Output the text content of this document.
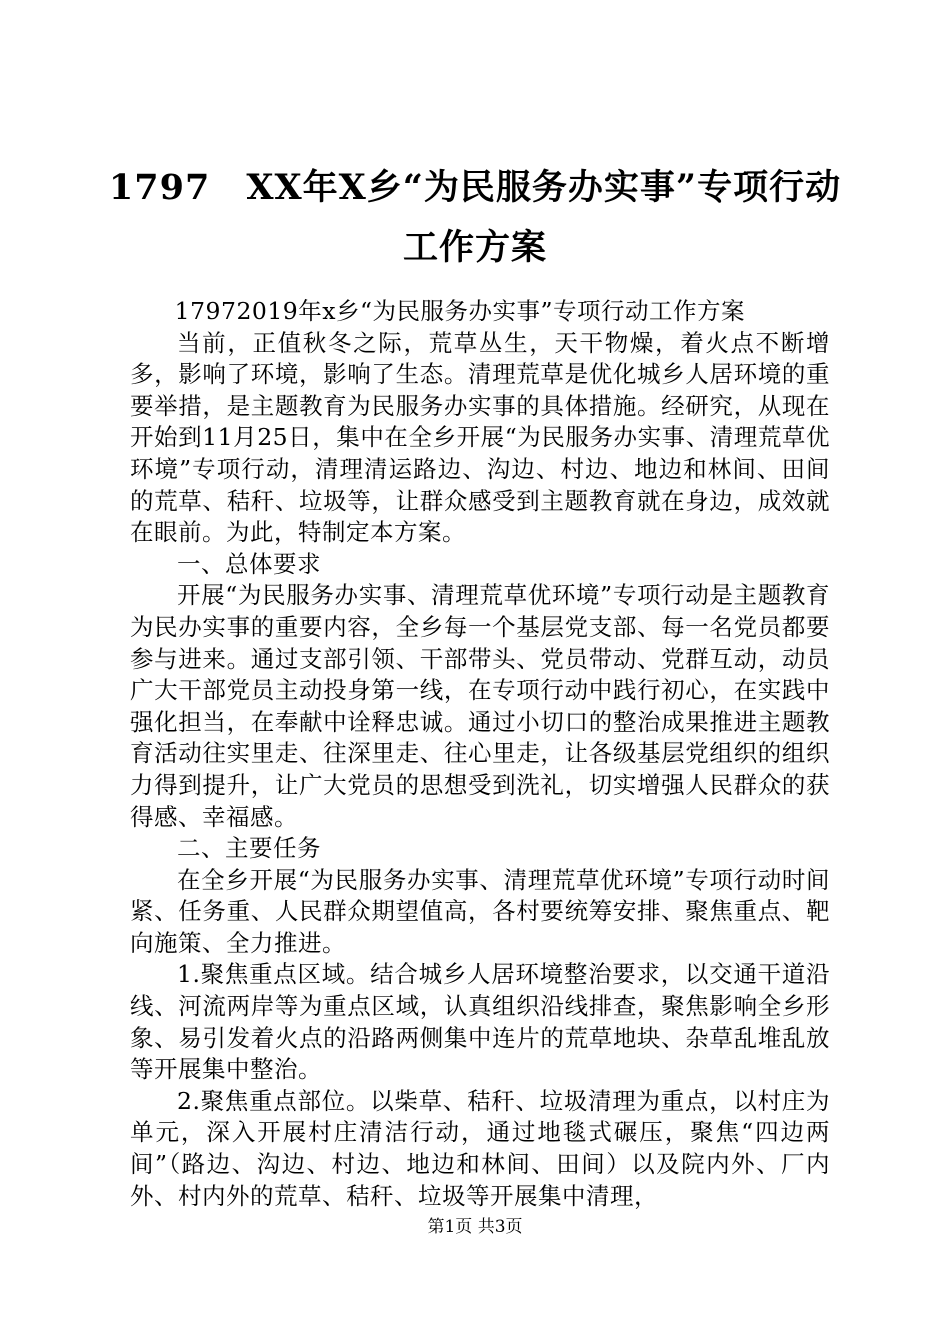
1797　XX年X乡“为民服务办实事”专项行动
工作方案

17972019年x乡“为民服务办实事”专项行动工作方案

当前，正值秋冬之际，荒草丛生，天干物燥，着火点不断增多，影响了环境，影响了生态。清理荒草是优化城乡人居环境的重要举措，是主题教育为民服务办实事的具体措施。经研究，从现在开始到11月25日，集中在全乡开展“为民服务办实事、清理荒草优环境”专项行动，清理清运路边、沟边、村边、地边和林间、田间的荒草、秸秆、垃圾等，让群众感受到主题教育就在身边，成效就在眼前。为此，特制定本方案。

一、总体要求

开展“为民服务办实事、清理荒草优环境”专项行动是主题教育为民办实事的重要内容，全乡每一个基层党支部、每一名党员都要参与进来。通过支部引领、干部带头、党员带动、党群互动，动员广大干部党员主动投身第一线，在专项行动中践行初心，在实践中强化担当，在奉献中诠释忠诚。通过小切口的整治成果推进主题教育活动往实里走、往深里走、往心里走，让各级基层党组织的组织力得到提升，让广大党员的思想受到洗礼，切实增强人民群众的获得感、幸福感。

二、主要任务

在全乡开展“为民服务办实事、清理荒草优环境”专项行动时间紧、任务重、人民群众期望值高，各村要统筹安排、聚焦重点、靶向施策、全力推进。

1.聚焦重点区域。结合城乡人居环境整治要求，以交通干道沿线、河流两岸等为重点区域，认真组织沿线排查，聚焦影响全乡形象、易引发着火点的沿路两侧集中连片的荒草地块、杂草乱堆乱放等开展集中整治。

2.聚焦重点部位。以柴草、秸秆、垃圾清理为重点，以村庄为单元，深入开展村庄清洁行动，通过地毯式碾压，聚焦“四边两间”（路边、沟边、村边、地边和林间、田间）以及院内外、厂内外、村内外的荒草、秸秆、垃圾等开展集中清理，

第1页 共3页
